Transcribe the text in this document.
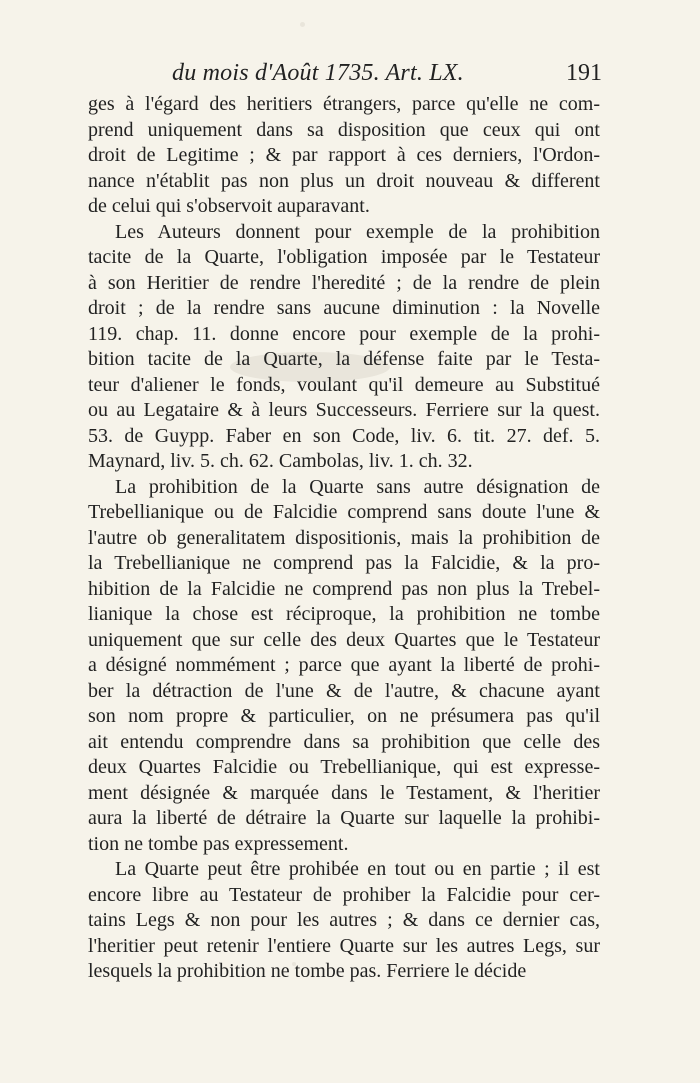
du mois d'Août 1735. Art. LX.	191
ges à l'égard des heritiers étrangers, parce qu'elle ne com-
prend uniquement dans sa disposition que ceux qui ont
droit de Legitime ; & par rapport à ces derniers, l'Ordon-
nance n'établit pas non plus un droit nouveau & different
de celui qui s'observoit auparavant.
Les Auteurs donnent pour exemple de la prohibition
tacite de la Quarte, l'obligation imposée par le Testateur
à son Heritier de rendre l'heredité ; de la rendre de plein
droit ; de la rendre sans aucune diminution : la Novelle
119. chap. 11. donne encore pour exemple de la prohi-
bition tacite de la Quarte, la défense faite par le Testa-
teur d'aliener le fonds, voulant qu'il demeure au Substitué
ou au Legataire & à leurs Successeurs. Ferriere sur la quest.
53. de Guypp. Faber en son Code, liv. 6. tit. 27. def. 5.
Maynard, liv. 5. ch. 62. Cambolas, liv. 1. ch. 32.
La prohibition de la Quarte sans autre désignation de
Trebellianique ou de Falcidie comprend sans doute l'une &
l'autre ob generalitatem dispositionis, mais la prohibition de
la Trebellianique ne comprend pas la Falcidie, & la pro-
hibition de la Falcidie ne comprend pas non plus la Trebel-
lianique la chose est réciproque, la prohibition ne tombe
uniquement que sur celle des deux Quartes que le Testateur
a désigné nommément ; parce que ayant la liberté de prohi-
ber la détraction de l'une & de l'autre, & chacune ayant
son nom propre & particulier, on ne présumera pas qu'il
ait entendu comprendre dans sa prohibition que celle des
deux Quartes Falcidie ou Trebellianique, qui est expresse-
ment désignée & marquée dans le Testament, & l'heritier
aura la liberté de détraire la Quarte sur laquelle la prohibi-
tion ne tombe pas expressement.
La Quarte peut être prohibée en tout ou en partie ; il est
encore libre au Testateur de prohiber la Falcidie pour cer-
tains Legs & non pour les autres ; & dans ce dernier cas,
l'heritier peut retenir l'entiere Quarte sur les autres Legs, sur
lesquels la prohibition ne tombe pas. Ferriere le décide
